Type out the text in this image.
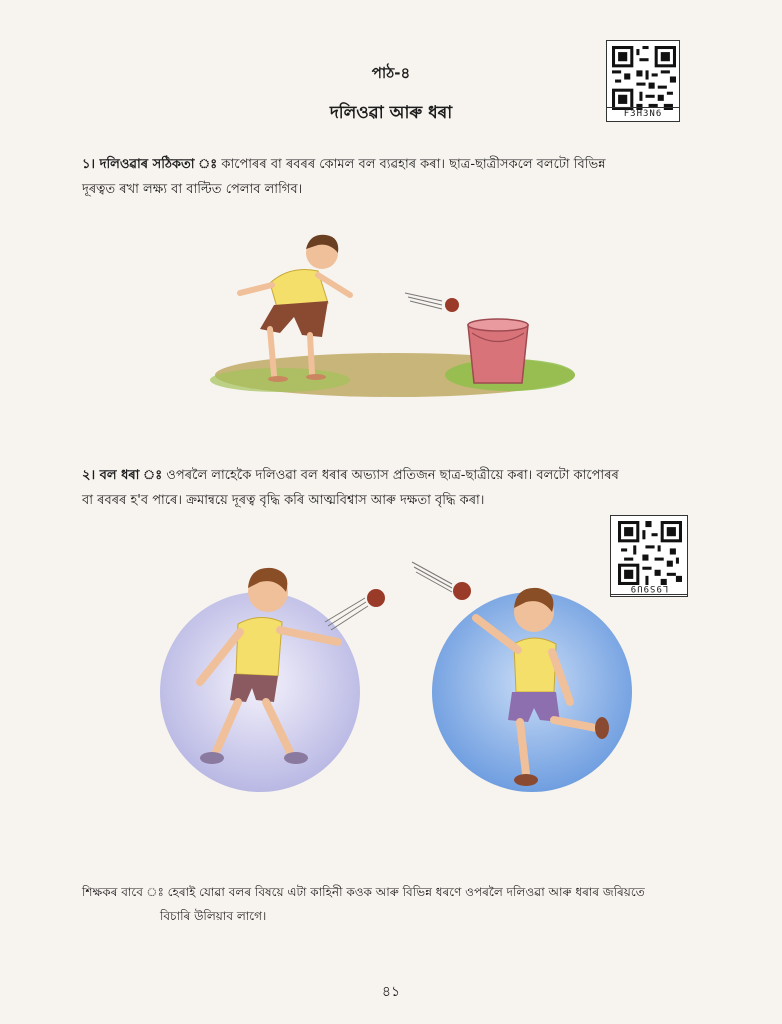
পাঠ-৪
দলিওৱা আৰু ধৰা	F3H3N6
১। দলিওৱাৰ সঠিকতা ঃ কাপোৰৰ বা ৰবৰৰ কোমল বল ব্যৱহাৰ কৰা। ছাত্ৰ-ছাত্ৰীসকলে বলটো বিভিন্ন
দূৰত্বত ৰখা লক্ষ্য বা বাল্টিত পেলাব লাগিব।
২। বল ধৰা ঃ ওপৰলৈ লাহেকৈ দলিওৱা বল ধৰাৰ অভ্যাস প্ৰতিজন ছাত্ৰ-ছাত্ৰীয়ে কৰা। বলটো কাপোৰৰ
বা ৰবৰৰ হ'ব পাৰে। ক্ৰমান্বয়ে দূৰত্ব বৃদ্ধি কৰি আত্মবিশ্বাস আৰু দক্ষতা বৃদ্ধি কৰা।
L9S9U9
শিক্ষকৰ বাবে ঃ হেৰাই যোৱা বলৰ বিষয়ে এটা কাহিনী কওক আৰু বিভিন্ন ধৰণে ওপৰলৈ দলিওৱা আৰু ধৰাৰ জৰিয়তে
বিচাৰি উলিয়াব লাগে।
৪১
